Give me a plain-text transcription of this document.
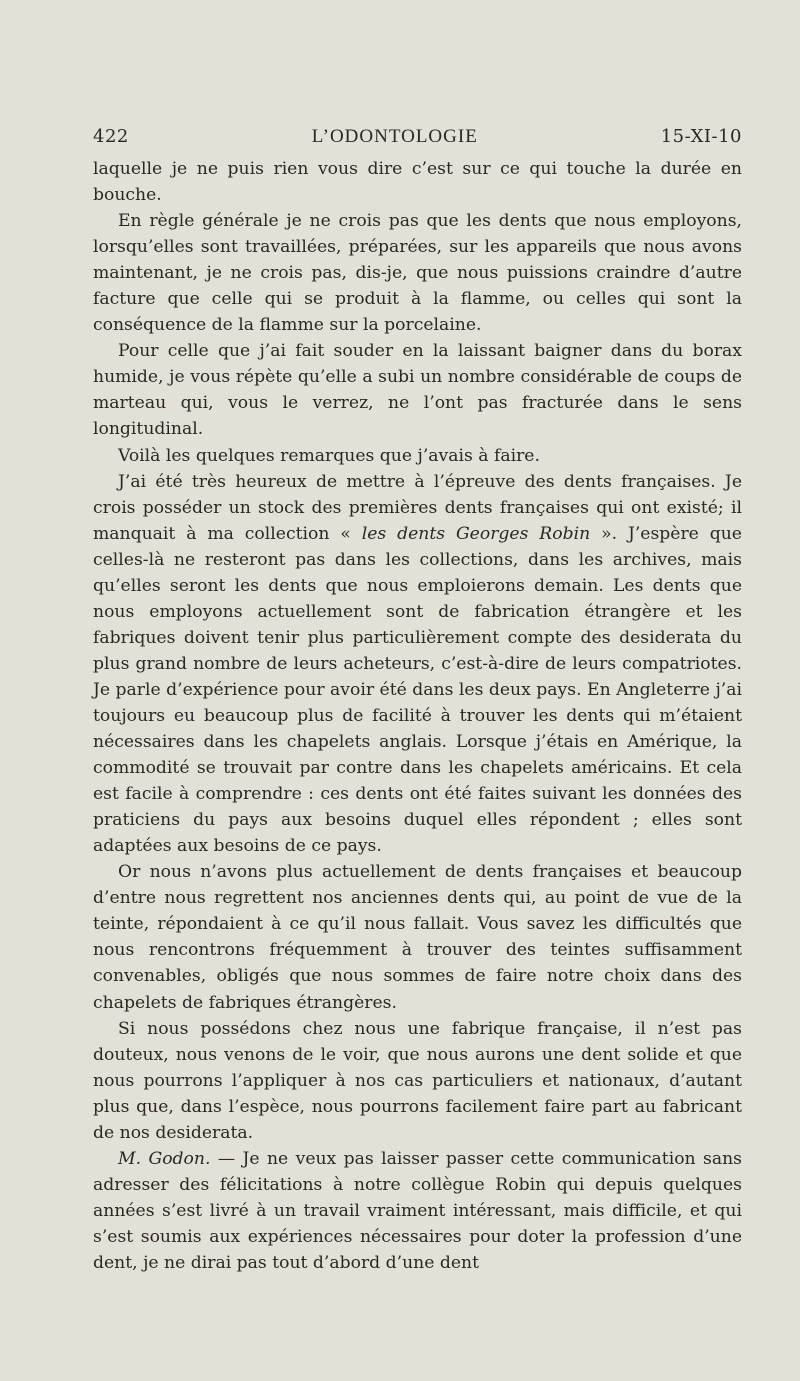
422	L’ODONTOLOGIE	15-XI-10

laquelle je ne puis rien vous dire c’est sur ce qui touche la durée en bouche.

En règle générale je ne crois pas que les dents que nous employons, lorsqu’elles sont travaillées, préparées, sur les appareils que nous avons maintenant, je ne crois pas, dis-je, que nous puissions craindre d’autre facture que celle qui se produit à la flamme, ou celles qui sont la conséquence de la flamme sur la porcelaine.

Pour celle que j’ai fait souder en la laissant baigner dans du borax humide, je vous répète qu’elle a subi un nombre considérable de coups de marteau qui, vous le verrez, ne l’ont pas fracturée dans le sens longitudinal.

Voilà les quelques remarques que j’avais à faire.

J’ai été très heureux de mettre à l’épreuve des dents françaises. Je crois posséder un stock des premières dents françaises qui ont existé; il manquait à ma collection « les dents Georges Robin ». J’espère que celles-là ne resteront pas dans les collections, dans les archives, mais qu’elles seront les dents que nous emploierons demain. Les dents que nous employons actuellement sont de fabrication étrangère et les fabriques doivent tenir plus particulièrement compte des desiderata du plus grand nombre de leurs acheteurs, c’est-à-dire de leurs compatriotes. Je parle d’expérience pour avoir été dans les deux pays. En Angleterre j’ai toujours eu beaucoup plus de facilité à trouver les dents qui m’étaient nécessaires dans les chapelets anglais. Lorsque j’étais en Amérique, la commodité se trouvait par contre dans les chapelets américains. Et cela est facile à comprendre : ces dents ont été faites suivant les données des praticiens du pays aux besoins duquel elles répondent ; elles sont adaptées aux besoins de ce pays.

Or nous n’avons plus actuellement de dents françaises et beaucoup d’entre nous regrettent nos anciennes dents qui, au point de vue de la teinte, répondaient à ce qu’il nous fallait. Vous savez les difficultés que nous rencontrons fréquemment à trouver des teintes suffisamment convenables, obligés que nous sommes de faire notre choix dans des chapelets de fabriques étrangères.

Si nous possédons chez nous une fabrique française, il n’est pas douteux, nous venons de le voir, que nous aurons une dent solide et que nous pourrons l’appliquer à nos cas particuliers et nationaux, d’autant plus que, dans l’espèce, nous pourrons facilement faire part au fabricant de nos desiderata.

M. Godon. — Je ne veux pas laisser passer cette communication sans adresser des félicitations à notre collègue Robin qui depuis quelques années s’est livré à un travail vraiment intéressant, mais difficile, et qui s’est soumis aux expériences nécessaires pour doter la profession d’une dent, je ne dirai pas tout d’abord d’une dent
